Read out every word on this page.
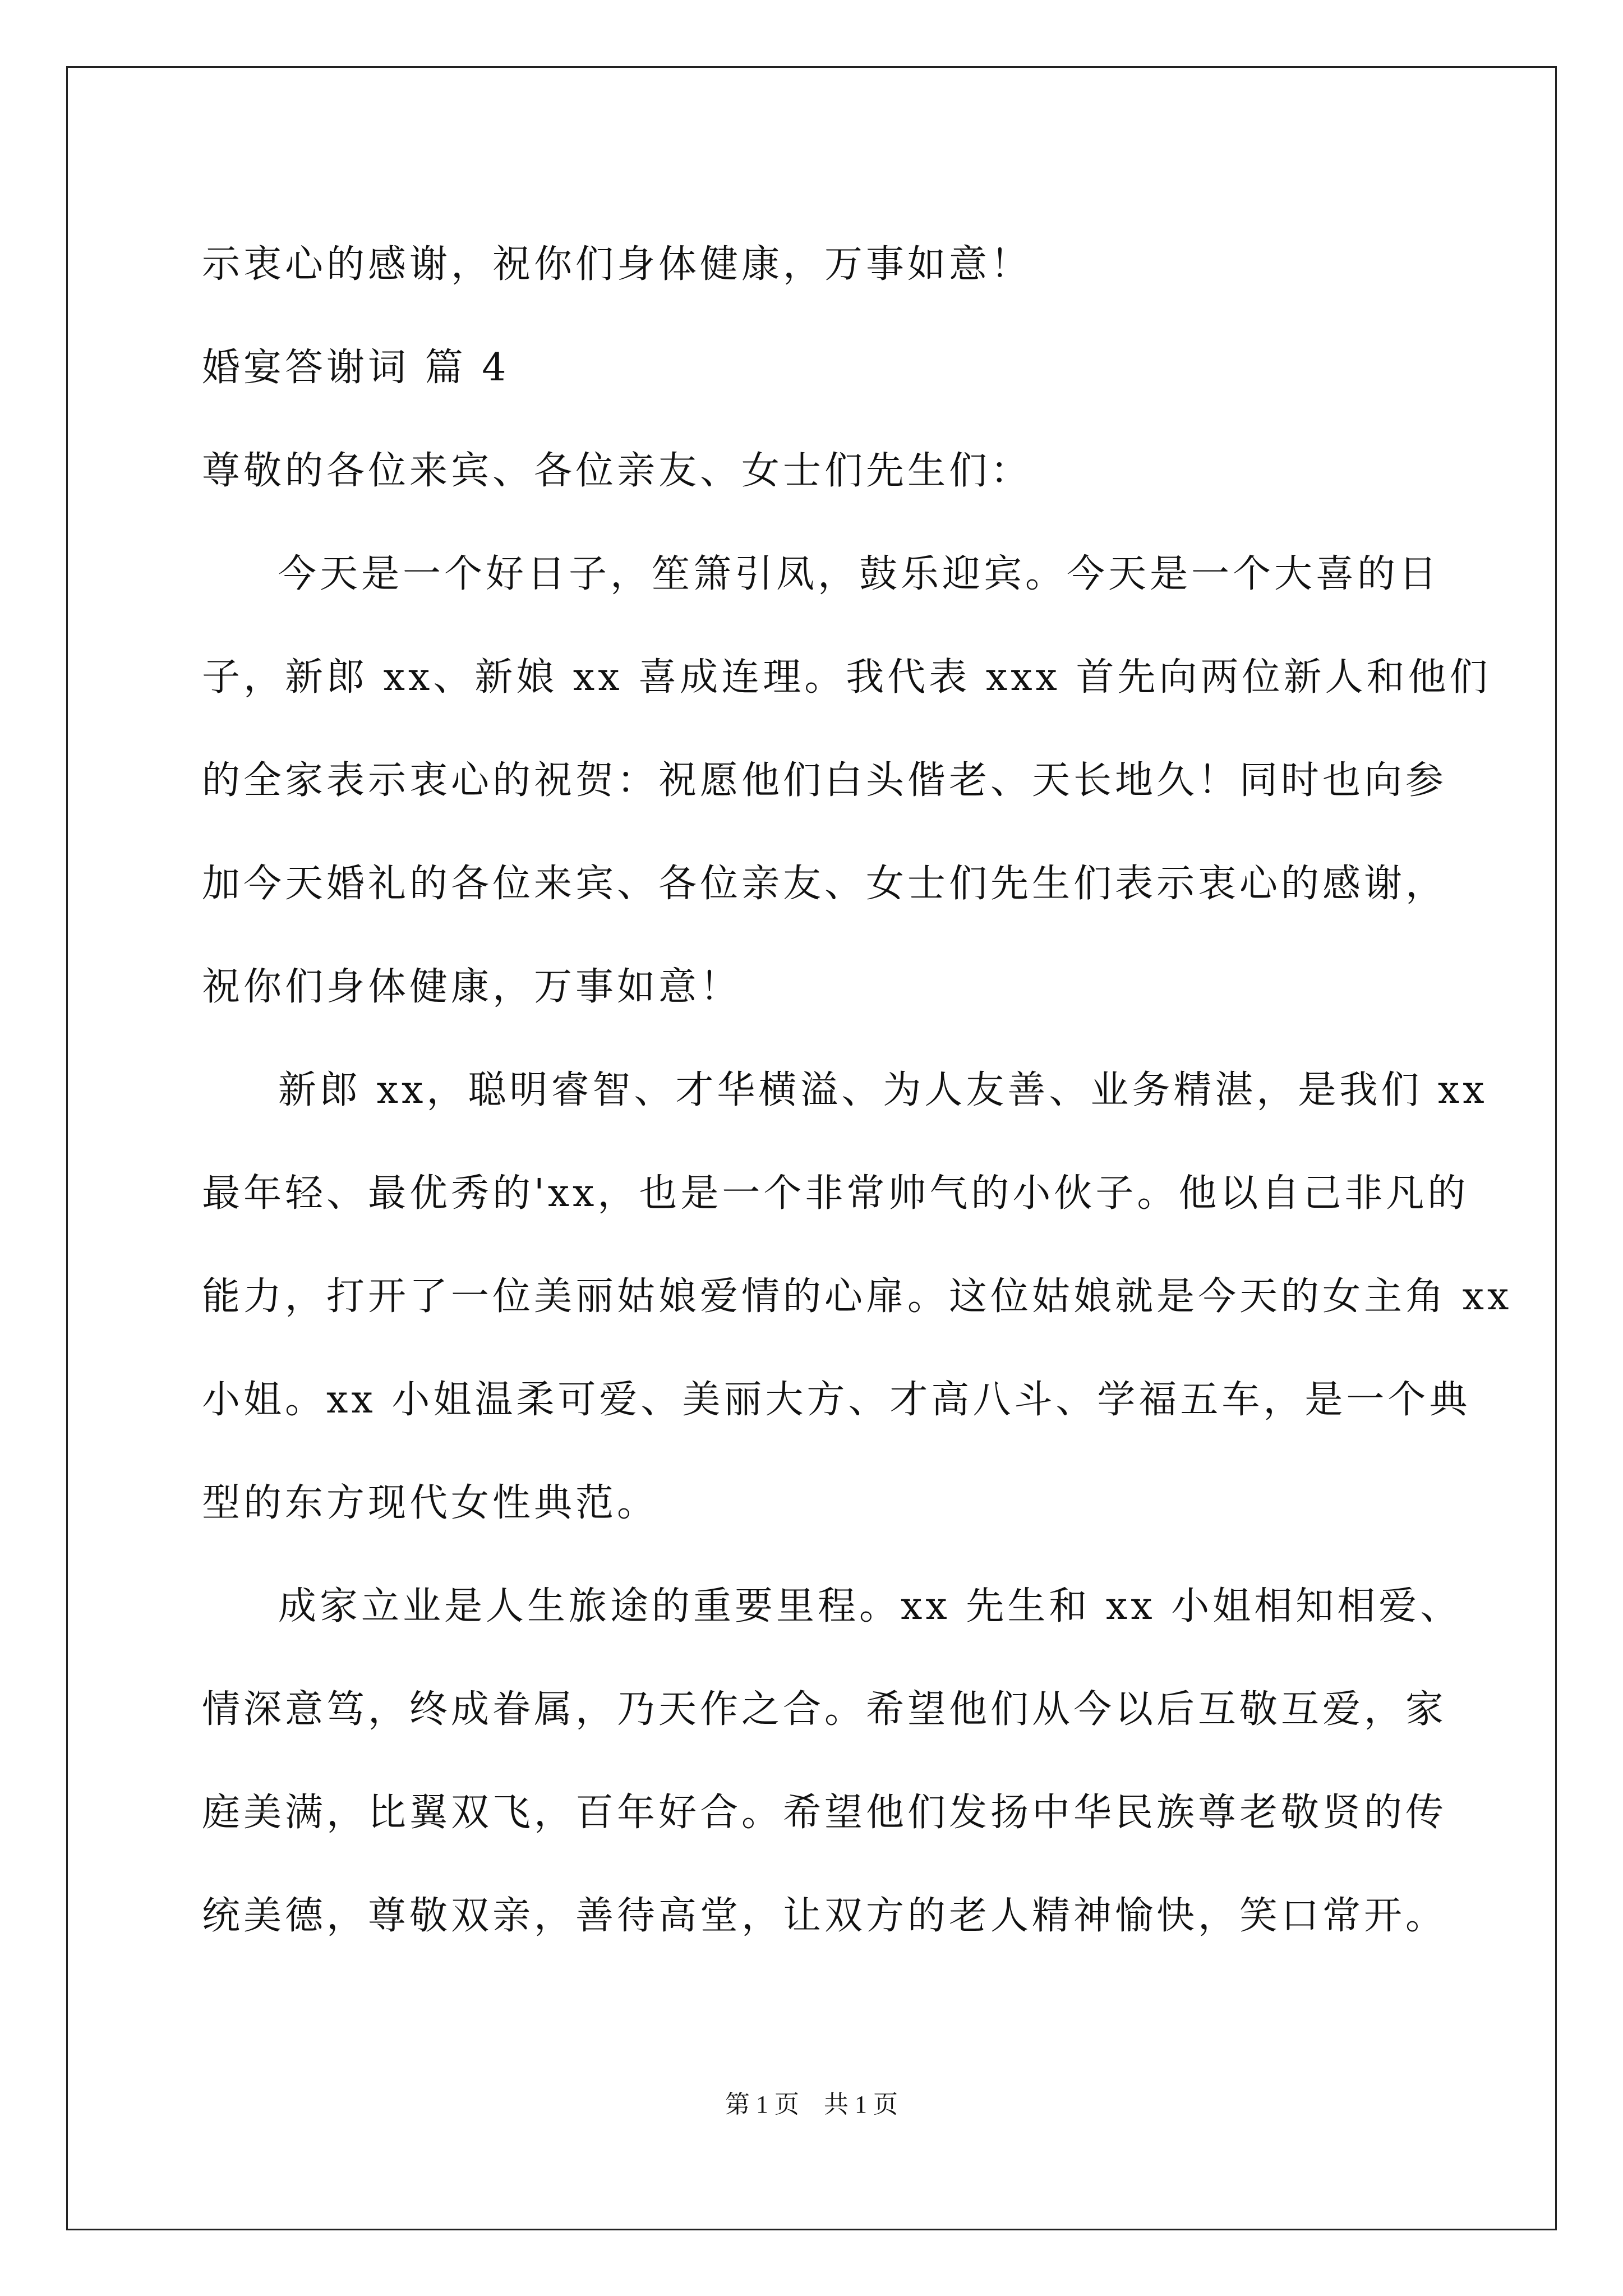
示衷心的感谢，祝你们身体健康，万事如意！
婚宴答谢词 篇 4
尊敬的各位来宾、各位亲友、女士们先生们：
今天是一个好日子，笙箫引凤，鼓乐迎宾。今天是一个大喜的日
子，新郎 xx、新娘 xx 喜成连理。我代表 xxx 首先向两位新人和他们
的全家表示衷心的祝贺：祝愿他们白头偕老、天长地久！同时也向参
加今天婚礼的各位来宾、各位亲友、女士们先生们表示衷心的感谢，
祝你们身体健康，万事如意！
新郎 xx，聪明睿智、才华横溢、为人友善、业务精湛，是我们 xx
最年轻、最优秀的'xx，也是一个非常帅气的小伙子。他以自己非凡的
能力，打开了一位美丽姑娘爱情的心扉。这位姑娘就是今天的女主角 xx
小姐。xx 小姐温柔可爱、美丽大方、才高八斗、学福五车，是一个典
型的东方现代女性典范。
成家立业是人生旅途的重要里程。xx 先生和 xx 小姐相知相爱、
情深意笃，终成眷属，乃天作之合。希望他们从今以后互敬互爱，家
庭美满，比翼双飞，百年好合。希望他们发扬中华民族尊老敬贤的传
统美德，尊敬双亲，善待高堂，让双方的老人精神愉快，笑口常开。
第 1 页 共 1 页
